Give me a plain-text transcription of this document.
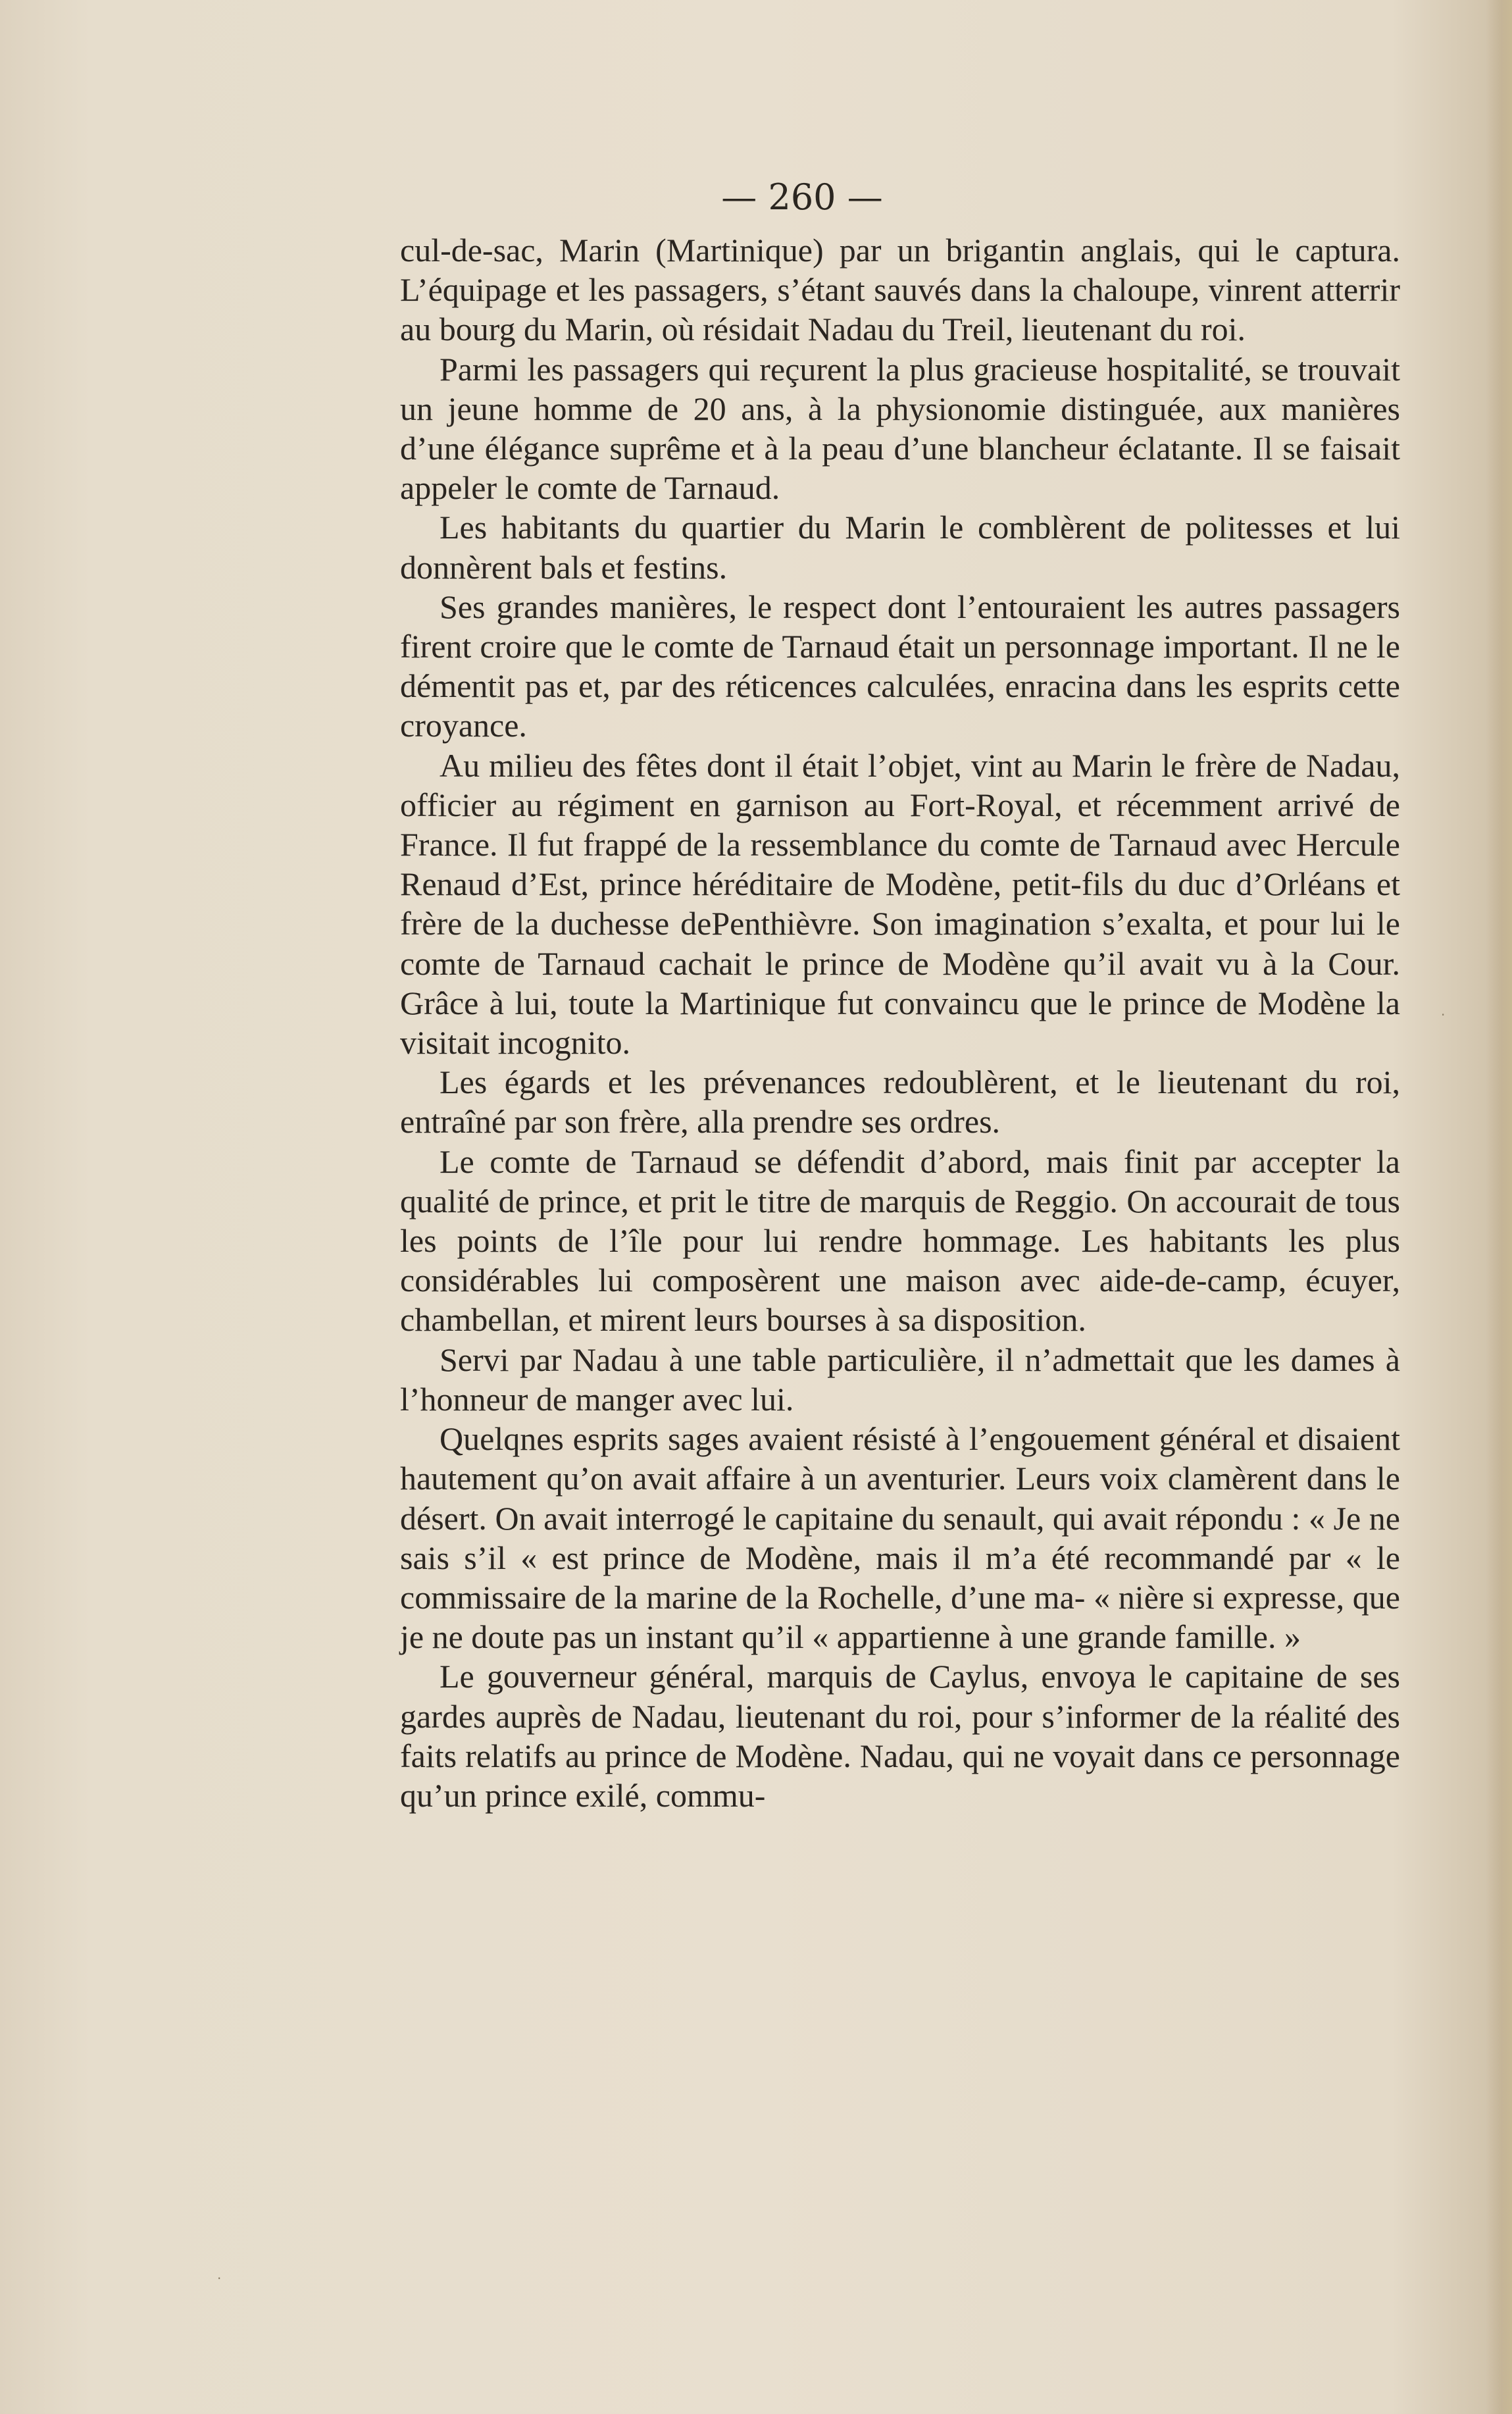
— 260 —

cul-de-sac, Marin (Martinique) par un brigantin anglais, qui le captura. L’équipage et les passagers, s’étant sauvés dans la chaloupe, vinrent atterrir au bourg du Marin, où résidait Nadau du Treil, lieutenant du roi.

Parmi les passagers qui reçurent la plus gracieuse hospitalité, se trouvait un jeune homme de 20 ans, à la physionomie distinguée, aux manières d’une élégance suprême et à la peau d’une blancheur éclatante. Il se faisait appeler le comte de Tarnaud.

Les habitants du quartier du Marin le comblèrent de politesses et lui donnèrent bals et festins.

Ses grandes manières, le respect dont l’entouraient les autres passagers firent croire que le comte de Tarnaud était un personnage important. Il ne le démentit pas et, par des réticences calculées, enracina dans les esprits cette croyance.

Au milieu des fêtes dont il était l’objet, vint au Marin le frère de Nadau, officier au régiment en garnison au Fort-Royal, et récemment arrivé de France. Il fut frappé de la ressemblance du comte de Tarnaud avec Hercule Renaud d’Est, prince héréditaire de Modène, petit-fils du duc d’Orléans et frère de la duchesse dePenthièvre. Son imagination s’exalta, et pour lui le comte de Tarnaud cachait le prince de Modène qu’il avait vu à la Cour. Grâce à lui, toute la Martinique fut convaincu que le prince de Modène la visitait incognito.

Les égards et les prévenances redoublèrent, et le lieutenant du roi, entraîné par son frère, alla prendre ses ordres.

Le comte de Tarnaud se défendit d’abord, mais finit par accepter la qualité de prince, et prit le titre de marquis de Reggio. On accourait de tous les points de l’île pour lui rendre hommage. Les habitants les plus considérables lui composèrent une maison avec aide-de-camp, écuyer, chambellan, et mirent leurs bourses à sa disposition.

Servi par Nadau à une table particulière, il n’admettait que les dames à l’honneur de manger avec lui.

Quelqnes esprits sages avaient résisté à l’engouement général et disaient hautement qu’on avait affaire à un aventurier. Leurs voix clamèrent dans le désert. On avait interrogé le capitaine du senault, qui avait répondu : « Je ne sais s’il « est prince de Modène, mais il m’a été recommandé par « le commissaire de la marine de la Rochelle, d’une ma- « nière si expresse, que je ne doute pas un instant qu’il « appartienne à une grande famille. »

Le gouverneur général, marquis de Caylus, envoya le capitaine de ses gardes auprès de Nadau, lieutenant du roi, pour s’informer de la réalité des faits relatifs au prince de Modène. Nadau, qui ne voyait dans ce personnage qu’un prince exilé, commu-

·
·
